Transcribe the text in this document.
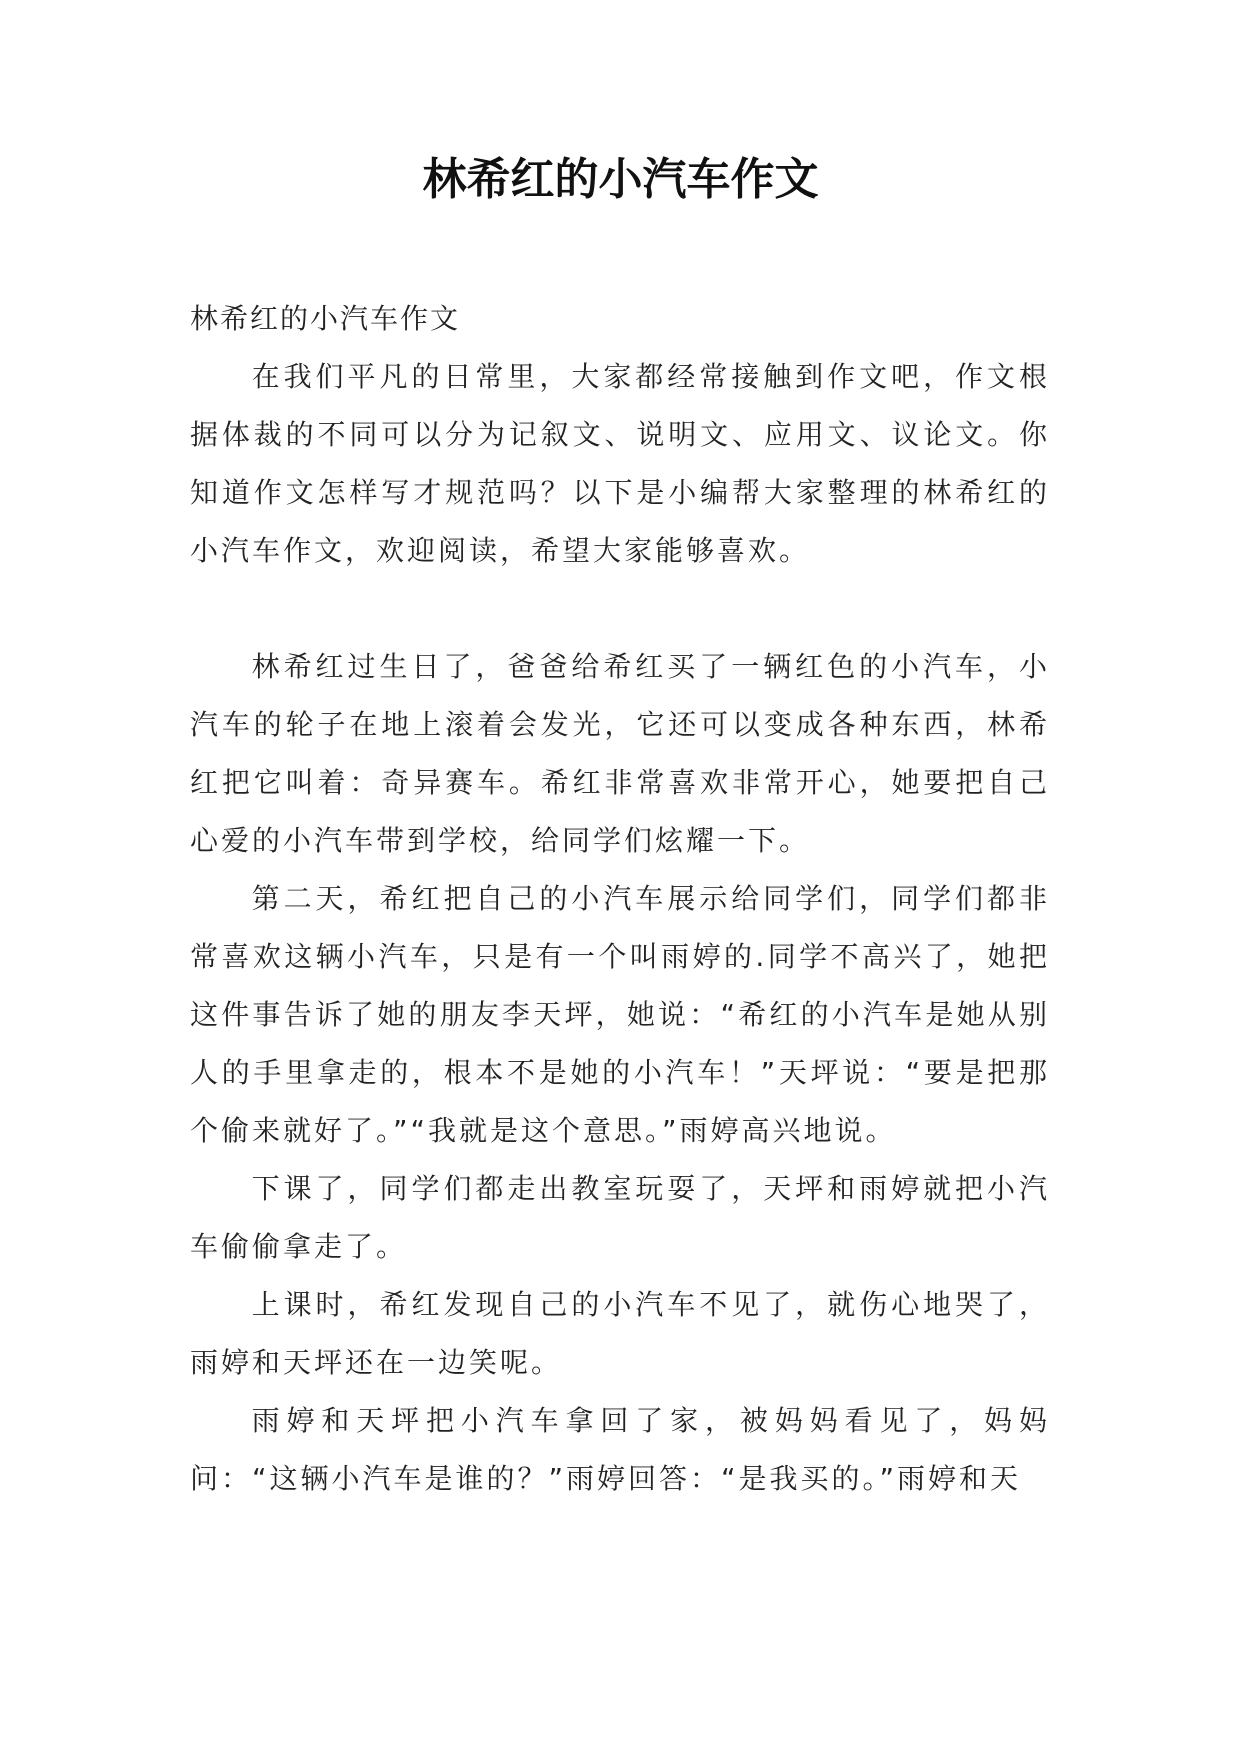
林希红的小汽车作文

林希红的小汽车作文

在我们平凡的日常里，大家都经常接触到作文吧，作文根据体裁的不同可以分为记叙文、说明文、应用文、议论文。你知道作文怎样写才规范吗？以下是小编帮大家整理的林希红的小汽车作文，欢迎阅读，希望大家能够喜欢。

林希红过生日了，爸爸给希红买了一辆红色的小汽车，小汽车的轮子在地上滚着会发光，它还可以变成各种东西，林希红把它叫着：奇异赛车。希红非常喜欢非常开心，她要把自己心爱的小汽车带到学校，给同学们炫耀一下。

第二天，希红把自己的小汽车展示给同学们，同学们都非常喜欢这辆小汽车，只是有一个叫雨婷的.同学不高兴了，她把这件事告诉了她的朋友李天坪，她说：“希红的小汽车是她从别人的手里拿走的，根本不是她的小汽车！”天坪说：“要是把那个偷来就好了。”“我就是这个意思。”雨婷高兴地说。

下课了，同学们都走出教室玩耍了，天坪和雨婷就把小汽车偷偷拿走了。

上课时，希红发现自己的小汽车不见了，就伤心地哭了，雨婷和天坪还在一边笑呢。

雨婷和天坪把小汽车拿回了家，被妈妈看见了，妈妈问：“这辆小汽车是谁的？”雨婷回答：“是我买的。”雨婷和天
